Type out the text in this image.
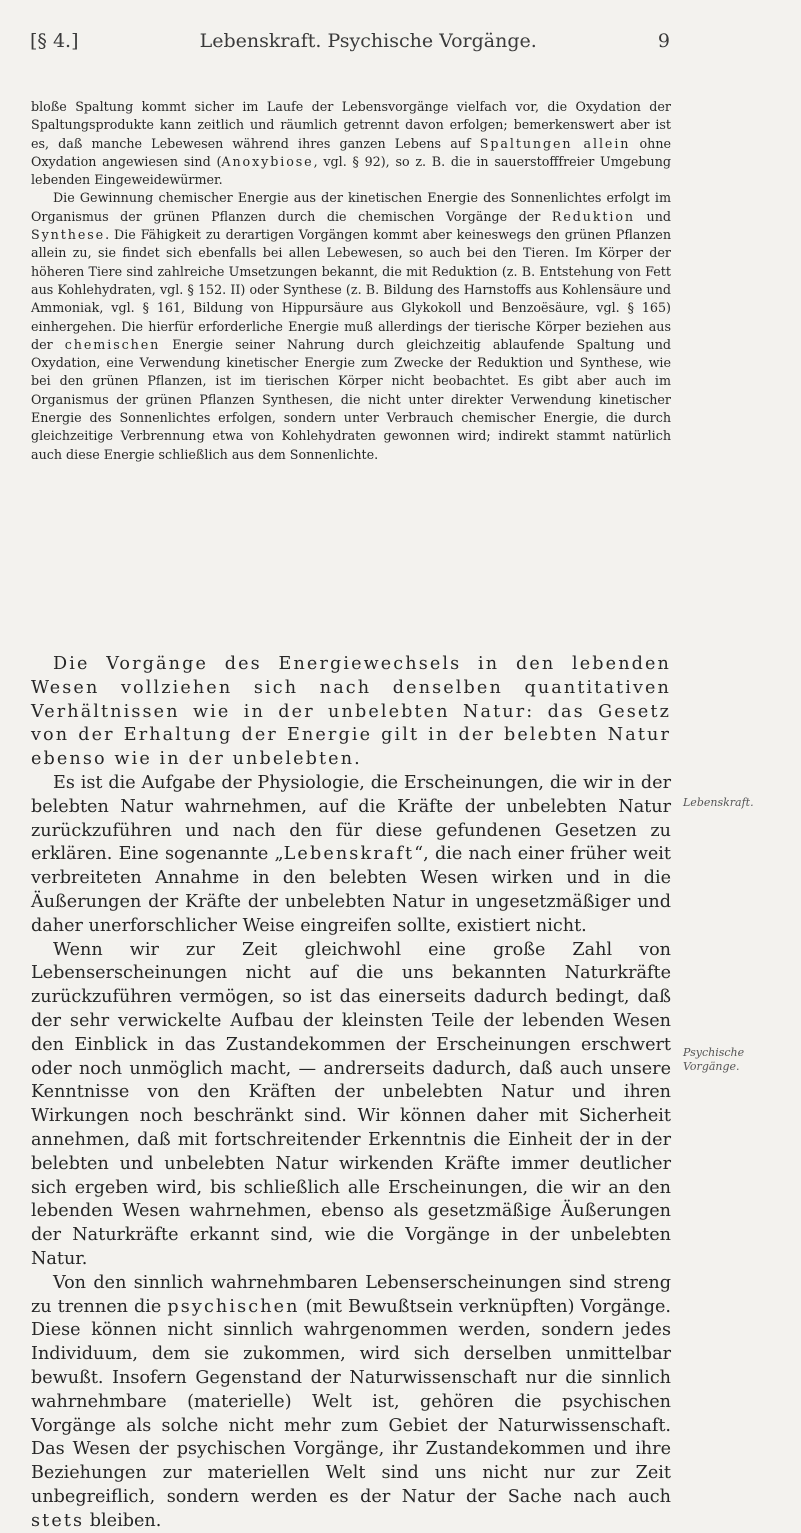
[§ 4.]	Lebenskraft. Psychische Vorgänge.	9

bloße Spaltung kommt sicher im Laufe der Lebensvorgänge vielfach vor, die Oxydation der Spaltungsprodukte kann zeitlich und räumlich getrennt davon erfolgen; bemerkenswert aber ist es, daß manche Lebewesen während ihres ganzen Lebens auf Spaltungen allein ohne Oxydation angewiesen sind (Anoxybiose, vgl. § 92), so z. B. die in sauerstofffreier Umgebung lebenden Eingeweidewürmer.

Die Gewinnung chemischer Energie aus der kinetischen Energie des Sonnenlichtes erfolgt im Organismus der grünen Pflanzen durch die chemischen Vorgänge der Reduktion und Synthese. Die Fähigkeit zu derartigen Vorgängen kommt aber keineswegs den grünen Pflanzen allein zu, sie findet sich ebenfalls bei allen Lebewesen, so auch bei den Tieren. Im Körper der höheren Tiere sind zahlreiche Umsetzungen bekannt, die mit Reduktion (z. B. Entstehung von Fett aus Kohlehydraten, vgl. § 152. II) oder Synthese (z. B. Bildung des Harnstoffs aus Kohlensäure und Ammoniak, vgl. § 161, Bildung von Hippursäure aus Glykokoll und Benzoësäure, vgl. § 165) einhergehen. Die hierfür erforderliche Energie muß allerdings der tierische Körper beziehen aus der chemischen Energie seiner Nahrung durch gleichzeitig ablaufende Spaltung und Oxydation, eine Verwendung kinetischer Energie zum Zwecke der Reduktion und Synthese, wie bei den grünen Pflanzen, ist im tierischen Körper nicht beobachtet. Es gibt aber auch im Organismus der grünen Pflanzen Synthesen, die nicht unter direkter Verwendung kinetischer Energie des Sonnenlichtes erfolgen, sondern unter Verbrauch chemischer Energie, die durch gleichzeitige Verbrennung etwa von Kohlehydraten gewonnen wird; indirekt stammt natürlich auch diese Energie schließlich aus dem Sonnenlichte.

Die Vorgänge des Energiewechsels in den lebenden Wesen vollziehen sich nach denselben quantitativen Verhältnissen wie in der unbelebten Natur: das Gesetz von der Erhaltung der Energie gilt in der belebten Natur ebenso wie in der unbelebten.

Es ist die Aufgabe der Physiologie, die Erscheinungen, die wir in der belebten Natur wahrnehmen, auf die Kräfte der unbelebten Natur zurückzuführen und nach den für diese gefundenen Gesetzen zu erklären. Eine sogenannte „Lebenskraft“, die nach einer früher weit verbreiteten Annahme in den belebten Wesen wirken und in die Äußerungen der Kräfte der unbelebten Natur in ungesetzmäßiger und daher unerforschlicher Weise eingreifen sollte, existiert nicht.

Wenn wir zur Zeit gleichwohl eine große Zahl von Lebenserscheinungen nicht auf die uns bekannten Naturkräfte zurückzuführen vermögen, so ist das einerseits dadurch bedingt, daß der sehr verwickelte Aufbau der kleinsten Teile der lebenden Wesen den Einblick in das Zustandekommen der Erscheinungen erschwert oder noch unmöglich macht, — andrerseits dadurch, daß auch unsere Kenntnisse von den Kräften der unbelebten Natur und ihren Wirkungen noch beschränkt sind. Wir können daher mit Sicherheit annehmen, daß mit fortschreitender Erkenntnis die Einheit der in der belebten und unbelebten Natur wirkenden Kräfte immer deutlicher sich ergeben wird, bis schließlich alle Erscheinungen, die wir an den lebenden Wesen wahrnehmen, ebenso als gesetzmäßige Äußerungen der Naturkräfte erkannt sind, wie die Vorgänge in der unbelebten Natur.

Von den sinnlich wahrnehmbaren Lebenserscheinungen sind streng zu trennen die psychischen (mit Bewußtsein verknüpften) Vorgänge. Diese können nicht sinnlich wahrgenommen werden, sondern jedes Individuum, dem sie zukommen, wird sich derselben unmittelbar bewußt. Insofern Gegenstand der Naturwissenschaft nur die sinnlich wahrnehmbare (materielle) Welt ist, gehören die psychischen Vorgänge als solche nicht mehr zum Gebiet der Naturwissenschaft. Das Wesen der psychischen Vorgänge, ihr Zustandekommen und ihre Beziehungen zur materiellen Welt sind uns nicht nur zur Zeit unbegreiflich, sondern werden es der Natur der Sache nach auch stets bleiben.

Lebenskraft.
Psychische Vorgänge.
